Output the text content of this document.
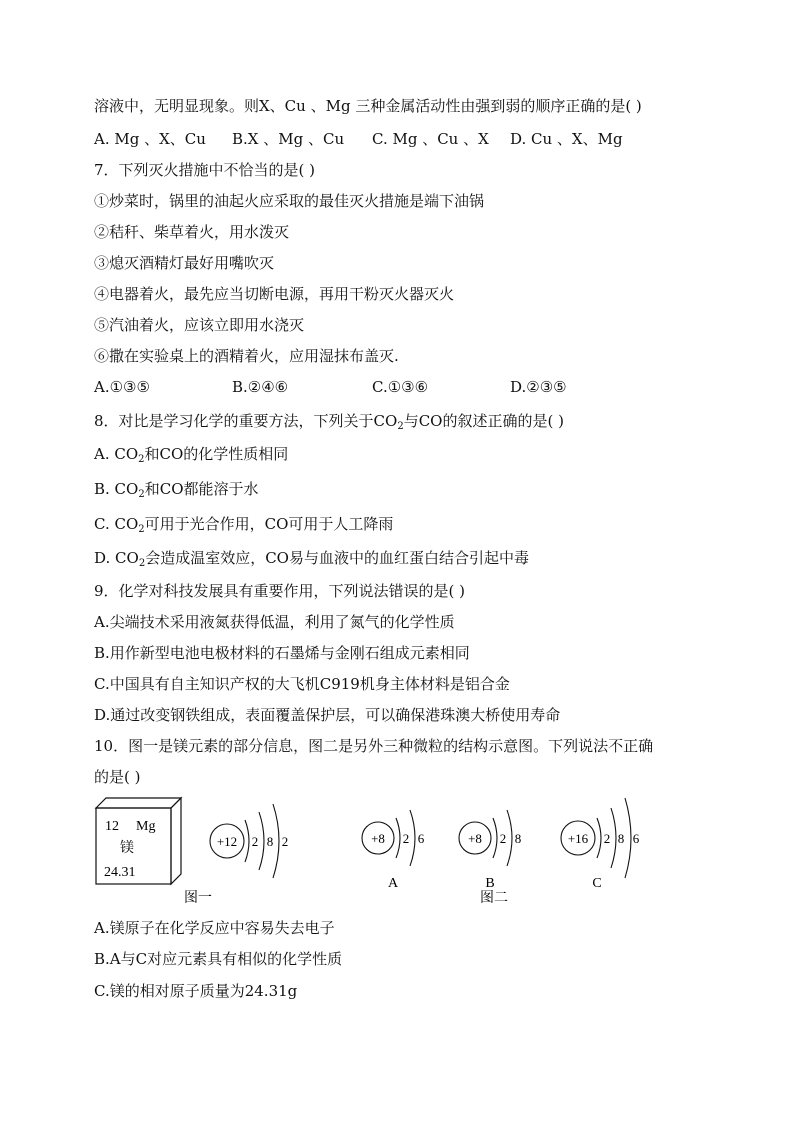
溶液中，无明显现象。则X、Cu 、Mg 三种金属活动性由强到弱的顺序正确的是( )
A. Mg 、X、Cu B.X 、Mg 、Cu C. Mg 、Cu 、X D. Cu 、X、Mg
7．下列灭火措施中不恰当的是( )
①炒菜时，锅里的油起火应采取的最佳灭火措施是端下油锅
②秸秆、柴草着火，用水泼灭
③熄灭酒精灯最好用嘴吹灭
④电器着火，最先应当切断电源，再用干粉灭火器灭火
⑤汽油着火，应该立即用水浇灭
⑥撒在实验桌上的酒精着火，应用湿抹布盖灭.
A.①③⑤	B.②④⑥	C.①③⑥	D.②③⑤
8．对比是学习化学的重要方法，下列关于$CO_2$与CO的叙述正确的是( )
A. $CO_2$和CO的化学性质相同
B. $CO_2$和CO都能溶于水
C. $CO_2$可用于光合作用，CO可用于人工降雨
D. $CO_2$会造成温室效应，CO易与血液中的血红蛋白结合引起中毒
9．化学对科技发展具有重要作用，下列说法错误的是( )
A.尖端技术采用液氮获得低温，利用了氮气的化学性质
B.用作新型电池电极材料的石墨烯与金刚石组成元素相同
C.中国具有自主知识产权的大飞机C919机身主体材料是铝合金
D.通过改变钢铁组成，表面覆盖保护层，可以确保港珠澳大桥使用寿命
10．图一是镁元素的部分信息，图二是另外三种微粒的结构示意图。下列说法不正确
的是( )
12 Mg
镁
24.31
+12 2 8 2
图一
+8 2 6
A
+8 2 8
B
图二
+16 2 8 6
C
A.镁原子在化学反应中容易失去电子
B.A与C对应元素具有相似的化学性质
C.镁的相对原子质量为24.31g
